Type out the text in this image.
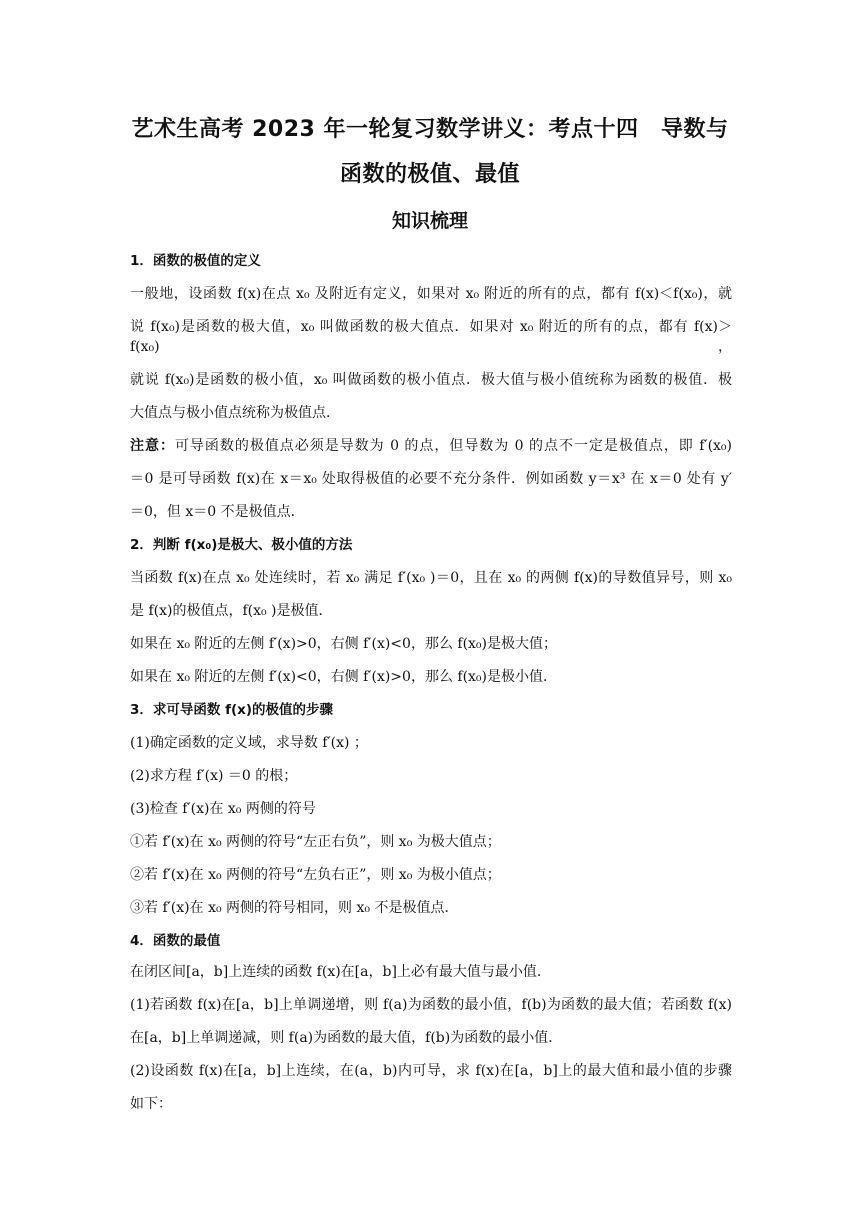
艺术生高考 2023 年一轮复习数学讲义：考点十四　导数与
函数的极值、最值
知识梳理
1．函数的极值的定义
一般地，设函数 f(x)在点 x₀ 及附近有定义，如果对 x₀ 附近的所有的点，都有 f(x)＜f(x₀)，就
说 f(x₀)是函数的极大值，x₀ 叫做函数的极大值点．如果对 x₀ 附近的所有的点，都有 f(x)＞f(x₀)，
就说 f(x₀)是函数的极小值，x₀ 叫做函数的极小值点．极大值与极小值统称为函数的极值．极
大值点与极小值点统称为极值点．
注意：可导函数的极值点必须是导数为 0 的点，但导数为 0 的点不一定是极值点，即 f′(x₀)
＝0 是可导函数 f(x)在 x＝x₀ 处取得极值的必要不充分条件．例如函数 y＝x³ 在 x＝0 处有 y′
＝0，但 x＝0 不是极值点．
2．判断 f(x₀)是极大、极小值的方法
当函数 f(x)在点 x₀ 处连续时，若 x₀ 满足 f′(x₀ )＝0，且在 x₀ 的两侧 f(x)的导数值异号，则 x₀
是 f(x)的极值点，f(x₀ )是极值．
如果在 x₀ 附近的左侧 f′(x)>0，右侧 f′(x)<0，那么 f(x₀)是极大值；
如果在 x₀ 附近的左侧 f′(x)<0，右侧 f′(x)>0，那么 f(x₀)是极小值．
3．求可导函数 f(x)的极值的步骤
(1)确定函数的定义域，求导数 f′(x) ；
(2)求方程 f′(x) ＝0 的根；
(3)检查 f′(x)在 x₀ 两侧的符号
①若 f′(x)在 x₀ 两侧的符号“左正右负”，则 x₀ 为极大值点；
②若 f′(x)在 x₀ 两侧的符号“左负右正”，则 x₀ 为极小值点；
③若 f′(x)在 x₀ 两侧的符号相同，则 x₀ 不是极值点．
4．函数的最值
在闭区间[a，b]上连续的函数 f(x)在[a，b]上必有最大值与最小值．
(1)若函数 f(x)在[a，b]上单调递增，则 f(a)为函数的最小值，f(b)为函数的最大值；若函数 f(x)
在[a，b]上单调递减，则 f(a)为函数的最大值，f(b)为函数的最小值．
(2)设函数 f(x)在[a，b]上连续，在(a，b)内可导，求 f(x)在[a，b]上的最大值和最小值的步骤
如下：
